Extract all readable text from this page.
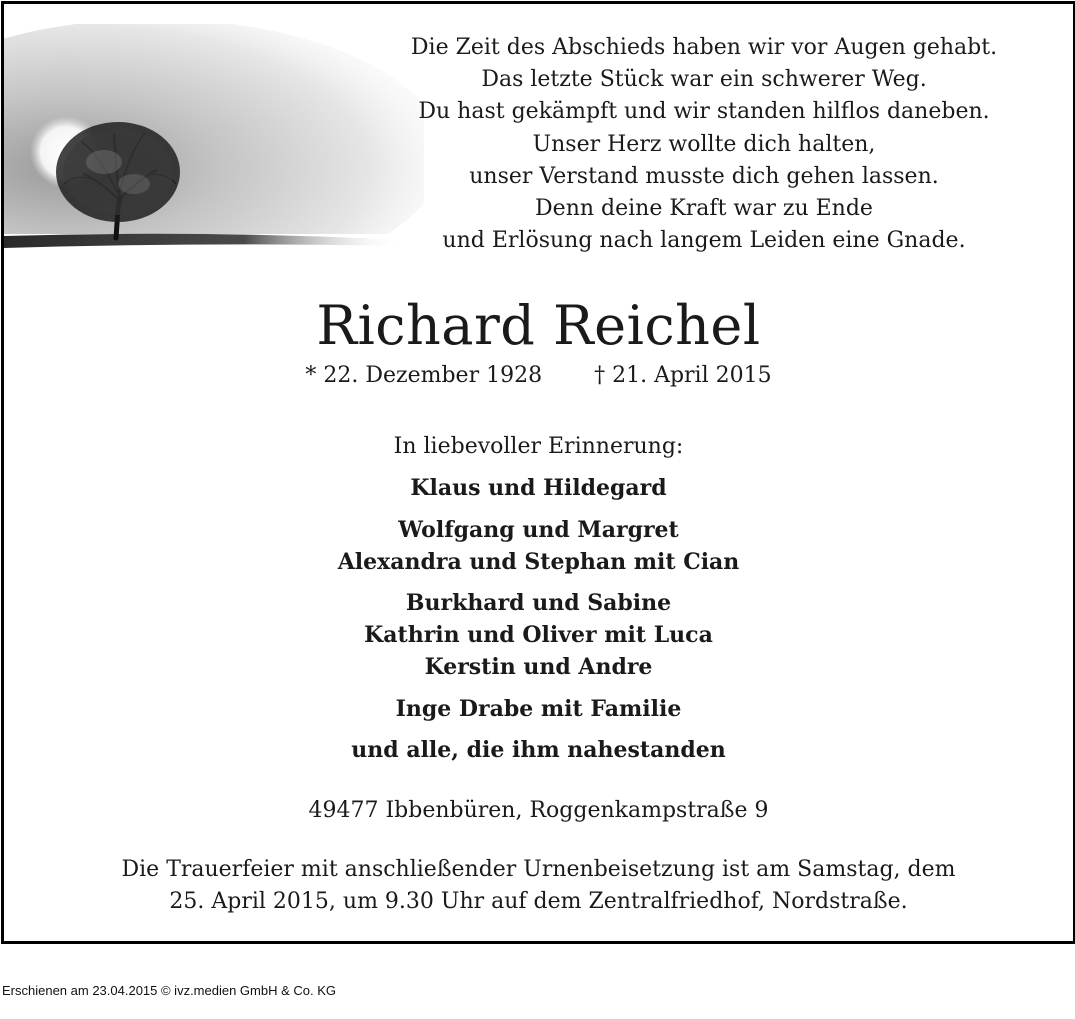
Die Zeit des Abschieds haben wir vor Augen gehabt.
Das letzte Stück war ein schwerer Weg.
Du hast gekämpft und wir standen hilflos daneben.
Unser Herz wollte dich halten,
unser Verstand musste dich gehen lassen.
Denn deine Kraft war zu Ende
und Erlösung nach langem Leiden eine Gnade.
Richard Reichel
* 22. Dezember 1928 † 21. April 2015
In liebevoller Erinnerung:
Klaus und Hildegard
Wolfgang und Margret
Alexandra und Stephan mit Cian
Burkhard und Sabine
Kathrin und Oliver mit Luca
Kerstin und Andre
Inge Drabe mit Familie
und alle, die ihm nahestanden
49477 Ibbenbüren, Roggenkampstraße 9
Die Trauerfeier mit anschließender Urnenbeisetzung ist am Samstag, dem
25. April 2015, um 9.30 Uhr auf dem Zentralfriedhof, Nordstraße.
Erschienen am 23.04.2015 © ivz.medien GmbH & Co. KG
